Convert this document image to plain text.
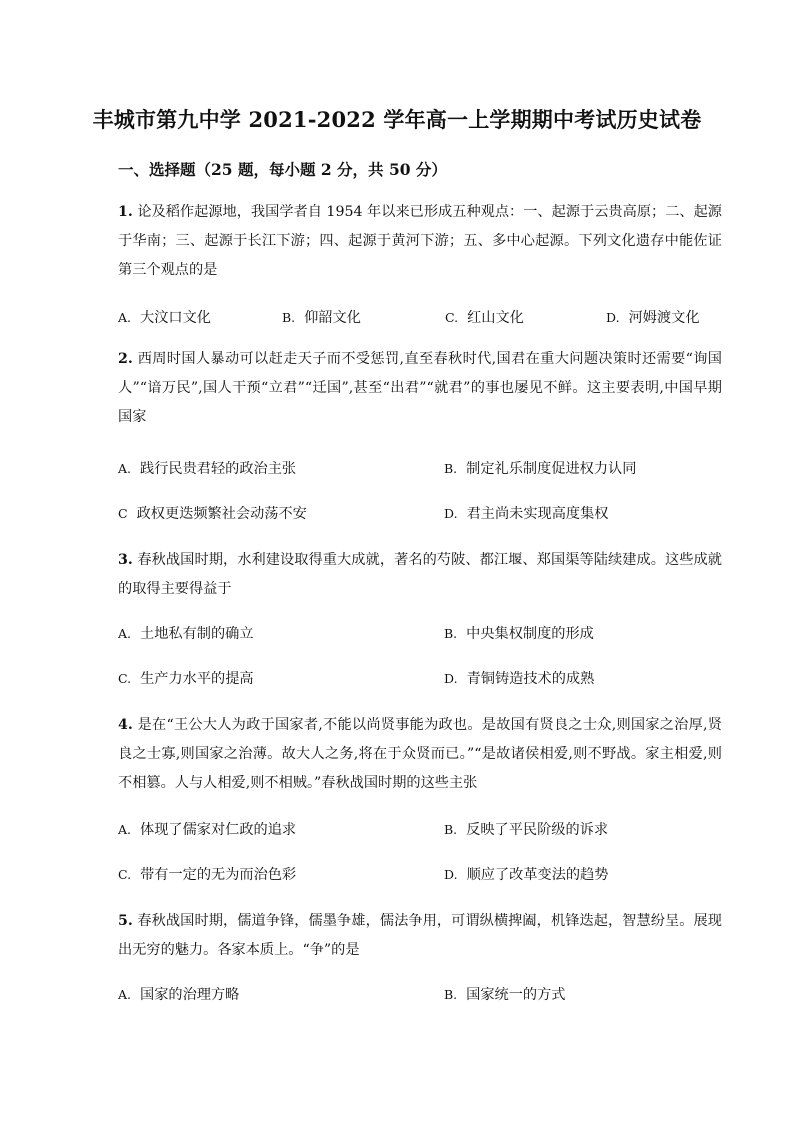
丰城市第九中学 2021-2022 学年高一上学期期中考试历史试卷
一、选择题（25 题，每小题 2 分，共 50 分）
1. 论及稻作起源地，我国学者自 1954 年以来已形成五种观点：一、起源于云贵高原；二、起源于华南；三、起源于长江下游；四、起源于黄河下游；五、多中心起源。下列文化遗存中能佐证第三个观点的是
A. 大汶口文化	B. 仰韶文化	C. 红山文化	D. 河姆渡文化
2. 西周时国人暴动可以赶走天子而不受惩罚,直至春秋时代,国君在重大问题决策时还需要“询国人”“谙万民”,国人干预“立君”“迁国”,甚至“出君”“就君”的事也屡见不鲜。这主要表明,中国早期国家
A. 践行民贵君轻的政治主张	B. 制定礼乐制度促进权力认同
C 政权更迭频繁社会动荡不安	D. 君主尚未实现高度集权
3. 春秋战国时期，水利建设取得重大成就，著名的芍陂、都江堰、郑国渠等陆续建成。这些成就的取得主要得益于
A. 土地私有制的确立	B. 中央集权制度的形成
C. 生产力水平的提高	D. 青铜铸造技术的成熟
4. 是在“王公大人为政于国家者,不能以尚贤事能为政也。是故国有贤良之士众,则国家之治厚,贤良之士寡,则国家之治薄。故大人之务,将在于众贤而已。”“是故诸侯相爱,则不野战。家主相爱,则不相篡。人与人相爱,则不相贼。”春秋战国时期的这些主张
A. 体现了儒家对仁政的追求	B. 反映了平民阶级的诉求
C. 带有一定的无为而治色彩	D. 顺应了改革变法的趋势
5. 春秋战国时期，儒道争锋，儒墨争雄，儒法争用，可谓纵横捭阖，机锋迭起，智慧纷呈。展现出无穷的魅力。各家本质上。“争”的是
A. 国家的治理方略	B. 国家统一的方式
